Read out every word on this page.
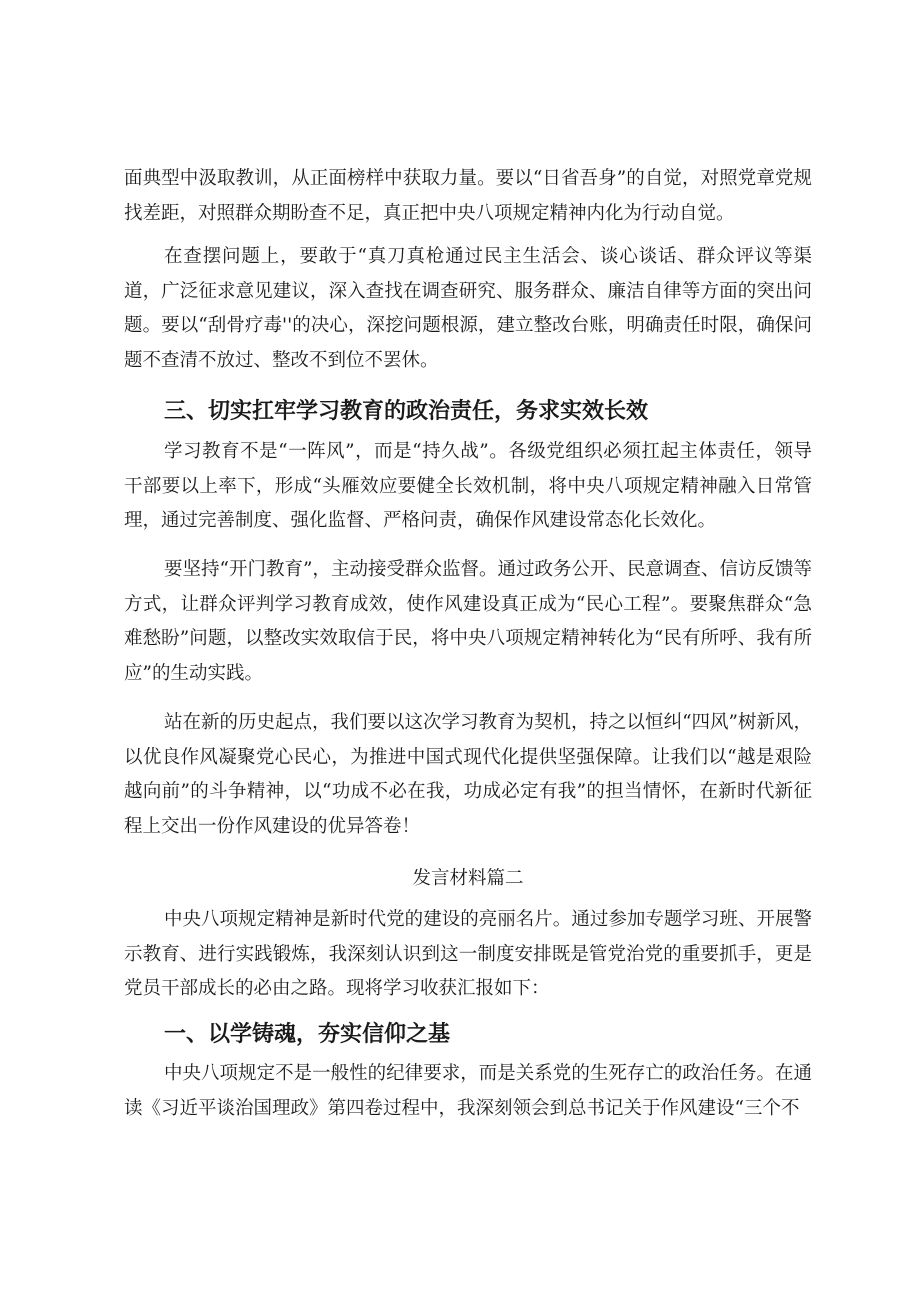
面典型中汲取教训，从正面榜样中获取力量。要以“日省吾身”的自觉，对照党章党规找差距，对照群众期盼查不足，真正把中央八项规定精神内化为行动自觉。

在查摆问题上，要敢于“真刀真枪通过民主生活会、谈心谈话、群众评议等渠道，广泛征求意见建议，深入查找在调查研究、服务群众、廉洁自律等方面的突出问题。要以“刮骨疗毒''的决心，深挖问题根源，建立整改台账，明确责任时限，确保问题不查清不放过、整改不到位不罢休。

三、切实扛牢学习教育的政治责任，务求实效长效

学习教育不是“一阵风”，而是“持久战”。各级党组织必须扛起主体责任，领导干部要以上率下，形成“头雁效应要健全长效机制，将中央八项规定精神融入日常管理，通过完善制度、强化监督、严格问责，确保作风建设常态化长效化。

要坚持“开门教育”，主动接受群众监督。通过政务公开、民意调查、信访反馈等方式，让群众评判学习教育成效，使作风建设真正成为“民心工程”。要聚焦群众“急难愁盼”问题，以整改实效取信于民，将中央八项规定精神转化为“民有所呼、我有所应”的生动实践。

站在新的历史起点，我们要以这次学习教育为契机，持之以恒纠“四风”树新风，以优良作风凝聚党心民心，为推进中国式现代化提供坚强保障。让我们以“越是艰险越向前”的斗争精神，以“功成不必在我，功成必定有我”的担当情怀，在新时代新征程上交出一份作风建设的优异答卷！

发言材料篇二

中央八项规定精神是新时代党的建设的亮丽名片。通过参加专题学习班、开展警示教育、进行实践锻炼，我深刻认识到这一制度安排既是管党治党的重要抓手，更是党员干部成长的必由之路。现将学习收获汇报如下：

一、以学铸魂，夯实信仰之基

中央八项规定不是一般性的纪律要求，而是关系党的生死存亡的政治任务。在通读《习近平谈治国理政》第四卷过程中，我深刻领会到总书记关于作风建设“三个不
